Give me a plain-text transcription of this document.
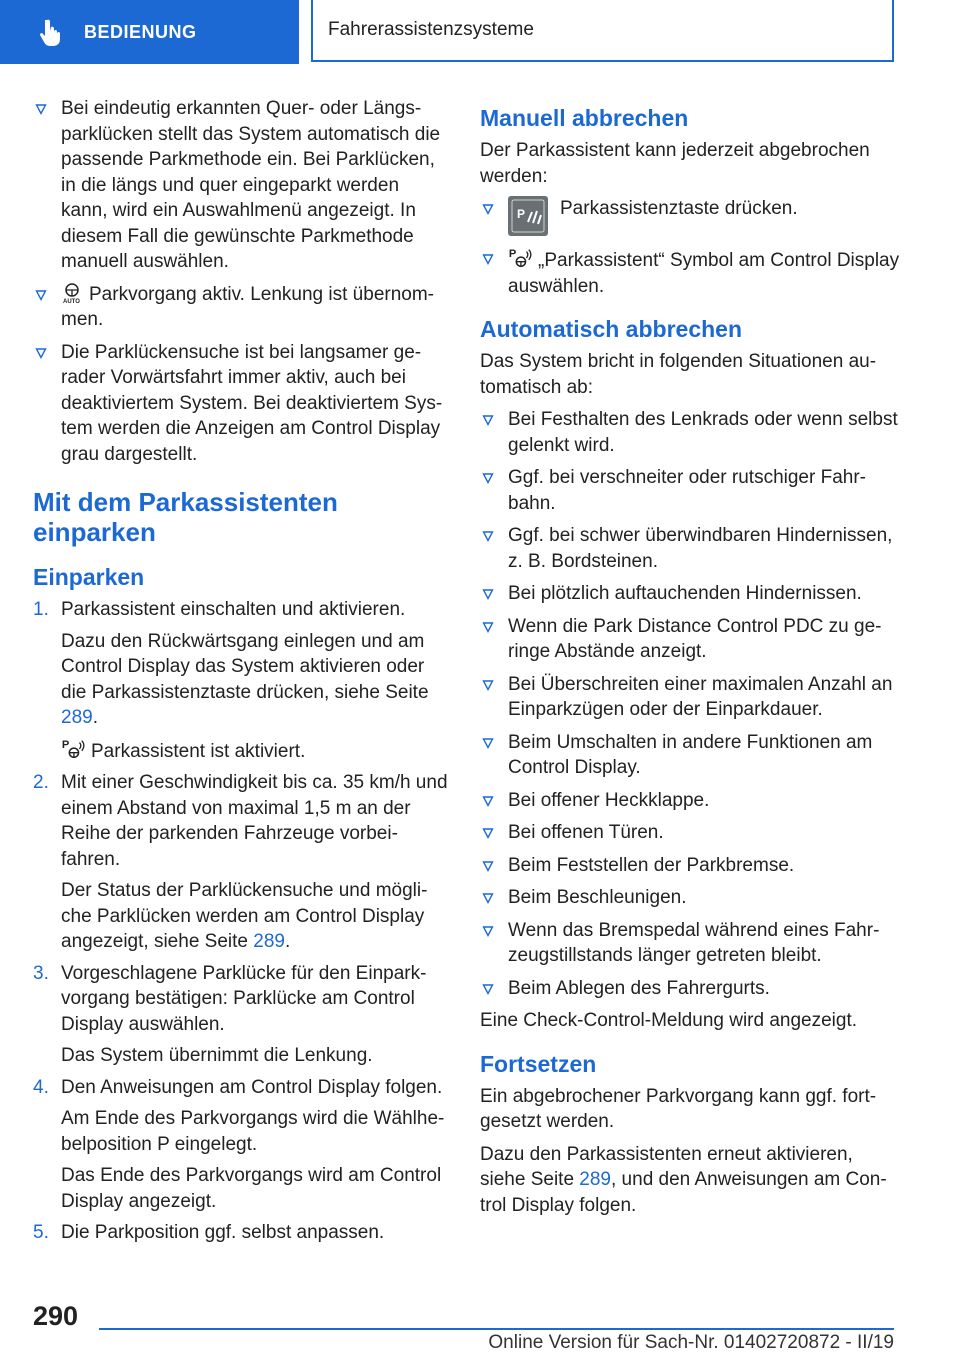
BEDIENUNG	Fahrerassistenzsysteme
Bei eindeutig erkannten Quer- oder Längsparklücken stellt das System automatisch die passende Parkmethode ein. Bei Parklücken, in die längs und quer eingeparkt werden kann, wird ein Auswahlmenü angezeigt. In diesem Fall die gewünschte Parkmethode manuell auswählen.
AUTO Parkvorgang aktiv. Lenkung ist übernommen.
Die Parklückensuche ist bei langsamer gerader Vorwärtsfahrt immer aktiv, auch bei deaktiviertem System. Bei deaktiviertem System werden die Anzeigen am Control Display grau dargestellt.
Mit dem Parkassistenten einparken
Einparken
1. Parkassistent einschalten und aktivieren.
Dazu den Rückwärtsgang einlegen und am Control Display das System aktivieren oder die Parkassistenztaste drücken, siehe Seite 289.
Parkassistent ist aktiviert.
2. Mit einer Geschwindigkeit bis ca. 35 km/h und einem Abstand von maximal 1,5 m an der Reihe der parkenden Fahrzeuge vorbeifahren.
Der Status der Parklückensuche und mögliche Parklücken werden am Control Display angezeigt, siehe Seite 289.
3. Vorgeschlagene Parklücke für den Einparkvorgang bestätigen: Parklücke am Control Display auswählen.
Das System übernimmt die Lenkung.
4. Den Anweisungen am Control Display folgen.
Am Ende des Parkvorgangs wird die Wählhebelposition P eingelegt.
Das Ende des Parkvorgangs wird am Control Display angezeigt.
5. Die Parkposition ggf. selbst anpassen.
Manuell abbrechen

Der Parkassistent kann jederzeit abgebrochen werden:

P Parkassistenztaste drücken.
„Parkassistent“ Symbol am Control Display auswählen.
Automatisch abbrechen

Das System bricht in folgenden Situationen automatisch ab:

Bei Festhalten des Lenkrads oder wenn selbst gelenkt wird.
Ggf. bei verschneiter oder rutschiger Fahrbahn.
Ggf. bei schwer überwindbaren Hindernissen, z. B. Bordsteinen.
Bei plötzlich auftauchenden Hindernissen.
Wenn die Park Distance Control PDC zu geringe Abstände anzeigt.
Bei Überschreiten einer maximalen Anzahl an Einparkzügen oder der Einparkdauer.
Beim Umschalten in andere Funktionen am Control Display.
Bei offener Heckklappe.
Bei offenen Türen.
Beim Feststellen der Parkbremse.
Beim Beschleunigen.
Wenn das Bremspedal während eines Fahrzeugstillstands länger getreten bleibt.
Beim Ablegen des Fahrergurts.

Eine Check-Control-Meldung wird angezeigt.

Fortsetzen

Ein abgebrochener Parkvorgang kann ggf. fortgesetzt werden.

Dazu den Parkassistenten erneut aktivieren, siehe Seite 289, und den Anweisungen am Control Display folgen.

290
Online Version für Sach-Nr. 01402720872 - II/19
